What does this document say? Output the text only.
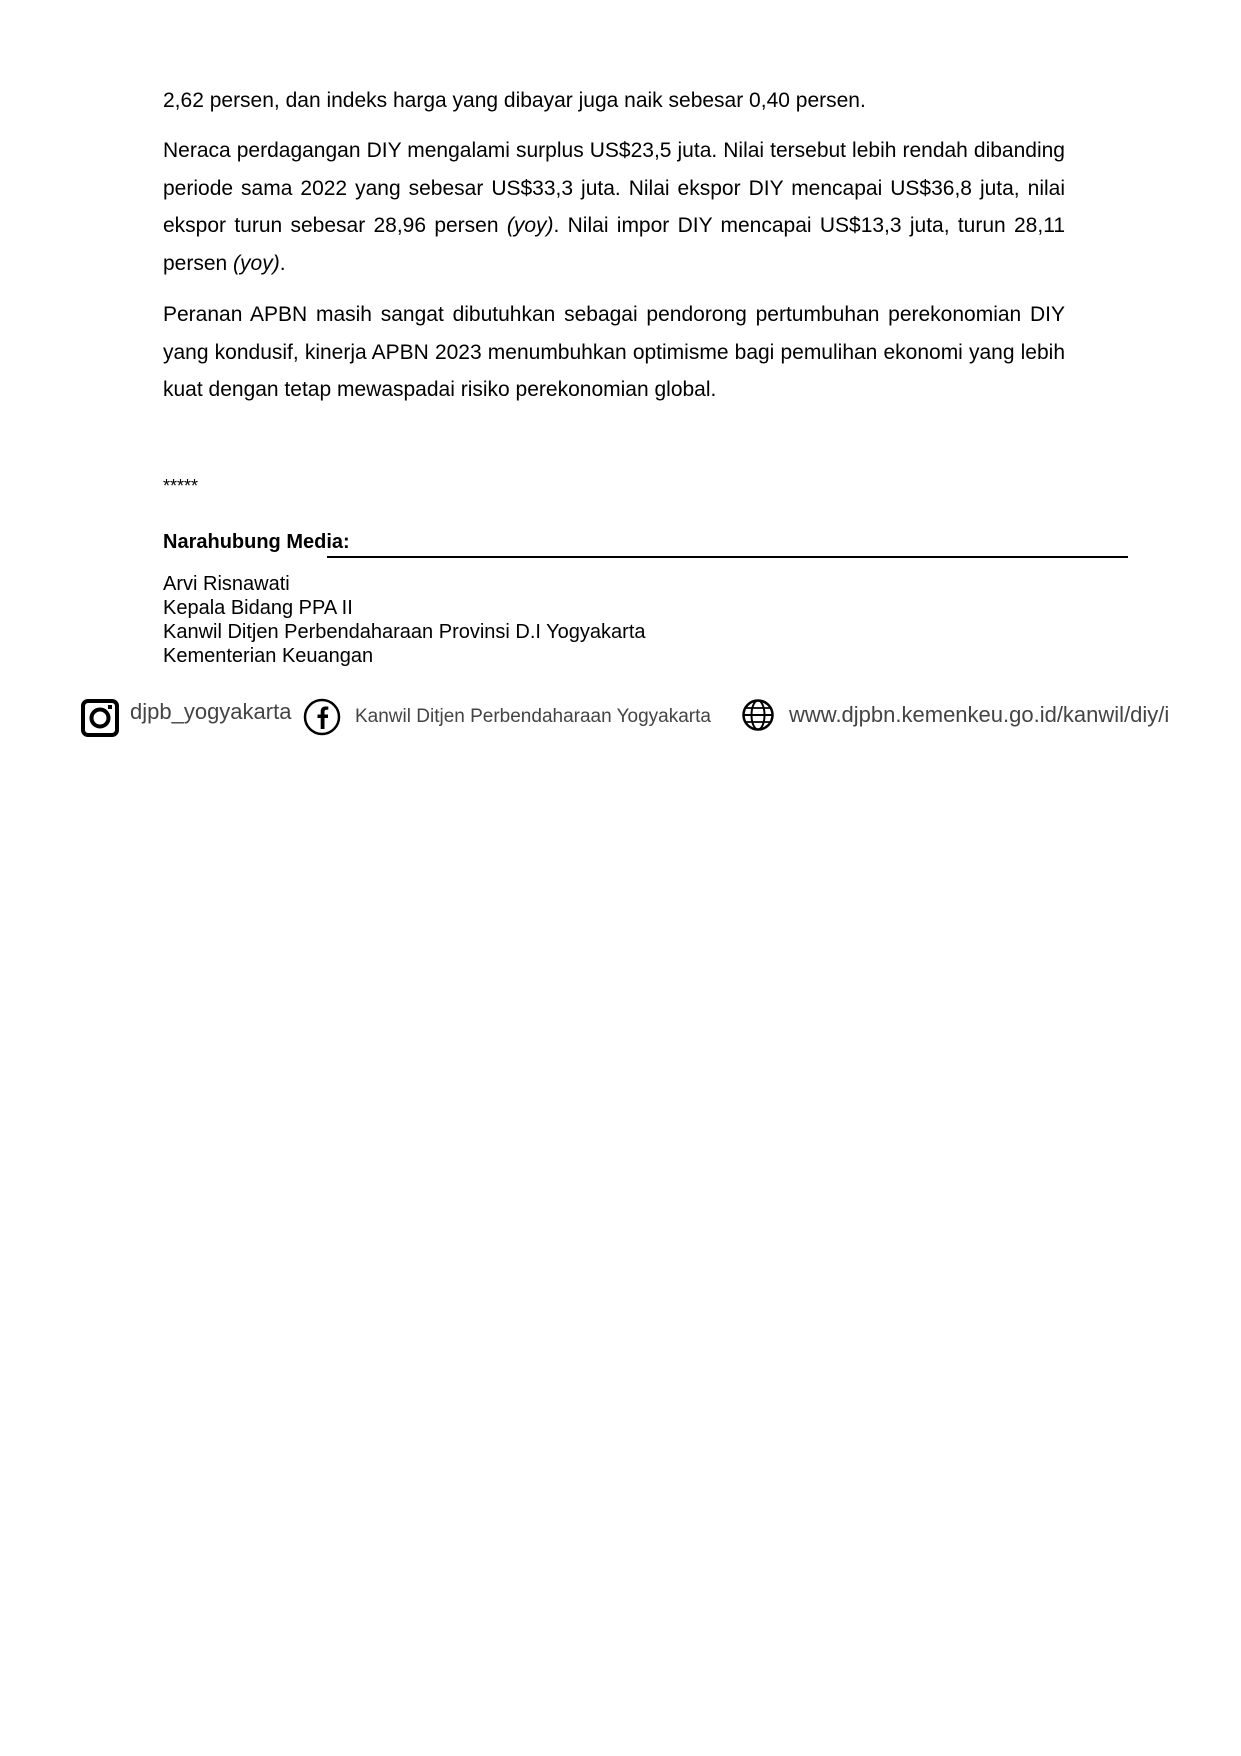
2,62 persen, dan indeks harga yang dibayar juga naik sebesar 0,40 persen.

Neraca perdagangan DIY mengalami surplus US$23,5 juta. Nilai tersebut lebih rendah dibanding periode sama 2022 yang sebesar US$33,3 juta. Nilai ekspor DIY mencapai US$36,8 juta, nilai ekspor turun sebesar 28,96 persen (yoy). Nilai impor DIY mencapai US$13,3 juta, turun 28,11 persen (yoy).

Peranan APBN masih sangat dibutuhkan sebagai pendorong pertumbuhan perekonomian DIY yang kondusif, kinerja APBN 2023 menumbuhkan optimisme bagi pemulihan ekonomi yang lebih kuat dengan tetap mewaspadai risiko perekonomian global.

*****

Narahubung Media:

Arvi Risnawati
Kepala Bidang PPA II
Kanwil Ditjen Perbendaharaan Provinsi D.I Yogyakarta
Kementerian Keuangan
djpb_yogyakarta	Kanwil Ditjen Perbendaharaan Yogyakarta	www.djpbn.kemenkeu.go.id/kanwil/diy/i
